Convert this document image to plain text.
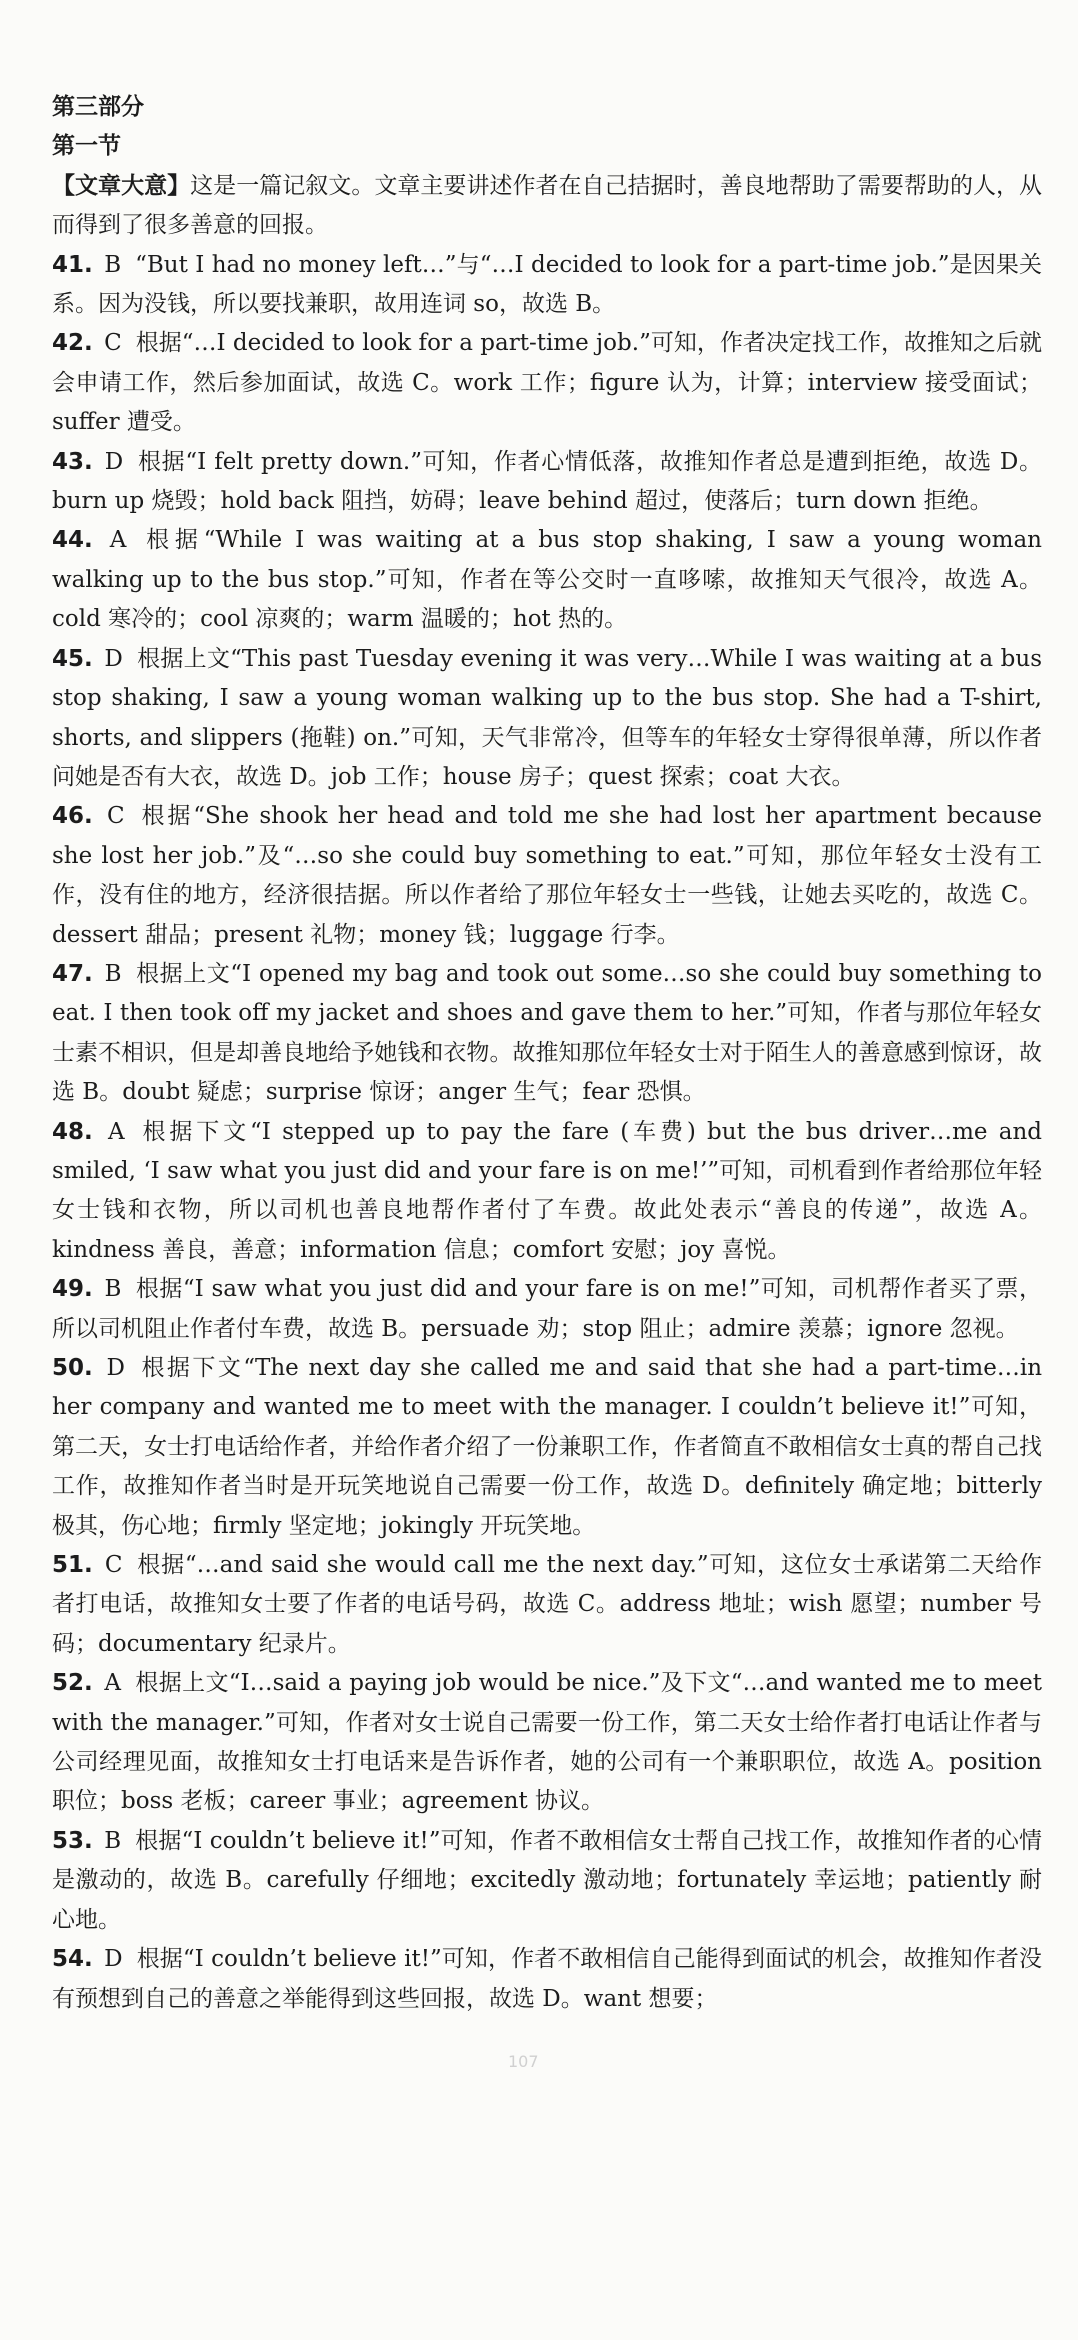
第三部分

第一节

【文章大意】这是一篇记叙文。文章主要讲述作者在自己拮据时，善良地帮助了需要帮助的人，从而得到了很多善意的回报。

41. B “But I had no money left…”与“…I decided to look for a part-time job.”是因果关系。因为没钱，所以要找兼职，故用连词 so，故选 B。

42. C 根据“…I decided to look for a part-time job.”可知，作者决定找工作，故推知之后就会申请工作，然后参加面试，故选 C。work 工作；figure 认为，计算；interview 接受面试；suffer 遭受。

43. D 根据“I felt pretty down.”可知，作者心情低落，故推知作者总是遭到拒绝，故选 D。burn up 烧毁；hold back 阻挡，妨碍；leave behind 超过，使落后；turn down 拒绝。

44. A 根据“While I was waiting at a bus stop shaking, I saw a young woman walking up to the bus stop.”可知，作者在等公交时一直哆嗦，故推知天气很冷，故选 A。cold 寒冷的；cool 凉爽的；warm 温暖的；hot 热的。

45. D 根据上文“This past Tuesday evening it was very…While I was waiting at a bus stop shaking, I saw a young woman walking up to the bus stop. She had a T-shirt, shorts, and slippers (拖鞋) on.”可知，天气非常冷，但等车的年轻女士穿得很单薄，所以作者问她是否有大衣，故选 D。job 工作；house 房子；quest 探索；coat 大衣。

46. C 根据“She shook her head and told me she had lost her apartment because she lost her job.”及“…so she could buy something to eat.”可知，那位年轻女士没有工作，没有住的地方，经济很拮据。所以作者给了那位年轻女士一些钱，让她去买吃的，故选 C。dessert 甜品；present 礼物；money 钱；luggage 行李。

47. B 根据上文“I opened my bag and took out some…so she could buy something to eat. I then took off my jacket and shoes and gave them to her.”可知，作者与那位年轻女士素不相识，但是却善良地给予她钱和衣物。故推知那位年轻女士对于陌生人的善意感到惊讶，故选 B。doubt 疑虑；surprise 惊讶；anger 生气；fear 恐惧。

48. A 根据下文“I stepped up to pay the fare (车费) but the bus driver…me and smiled, ‘I saw what you just did and your fare is on me!’”可知，司机看到作者给那位年轻女士钱和衣物，所以司机也善良地帮作者付了车费。故此处表示“善良的传递”，故选 A。kindness 善良，善意；information 信息；comfort 安慰；joy 喜悦。

49. B 根据“I saw what you just did and your fare is on me!”可知，司机帮作者买了票，所以司机阻止作者付车费，故选 B。persuade 劝；stop 阻止；admire 羡慕；ignore 忽视。

50. D 根据下文“The next day she called me and said that she had a part-time…in her company and wanted me to meet with the manager. I couldn’t believe it!”可知，第二天，女士打电话给作者，并给作者介绍了一份兼职工作，作者简直不敢相信女士真的帮自己找工作，故推知作者当时是开玩笑地说自己需要一份工作，故选 D。definitely 确定地；bitterly 极其，伤心地；firmly 坚定地；jokingly 开玩笑地。

51. C 根据“…and said she would call me the next day.”可知，这位女士承诺第二天给作者打电话，故推知女士要了作者的电话号码，故选 C。address 地址；wish 愿望；number 号码；documentary 纪录片。

52. A 根据上文“I…said a paying job would be nice.”及下文“…and wanted me to meet with the manager.”可知，作者对女士说自己需要一份工作，第二天女士给作者打电话让作者与公司经理见面，故推知女士打电话来是告诉作者，她的公司有一个兼职职位，故选 A。position 职位；boss 老板；career 事业；agreement 协议。

53. B 根据“I couldn’t believe it!”可知，作者不敢相信女士帮自己找工作，故推知作者的心情是激动的，故选 B。carefully 仔细地；excitedly 激动地；fortunately 幸运地；patiently 耐心地。

54. D 根据“I couldn’t believe it!”可知，作者不敢相信自己能得到面试的机会，故推知作者没有预想到自己的善意之举能得到这些回报，故选 D。want 想要；

107
